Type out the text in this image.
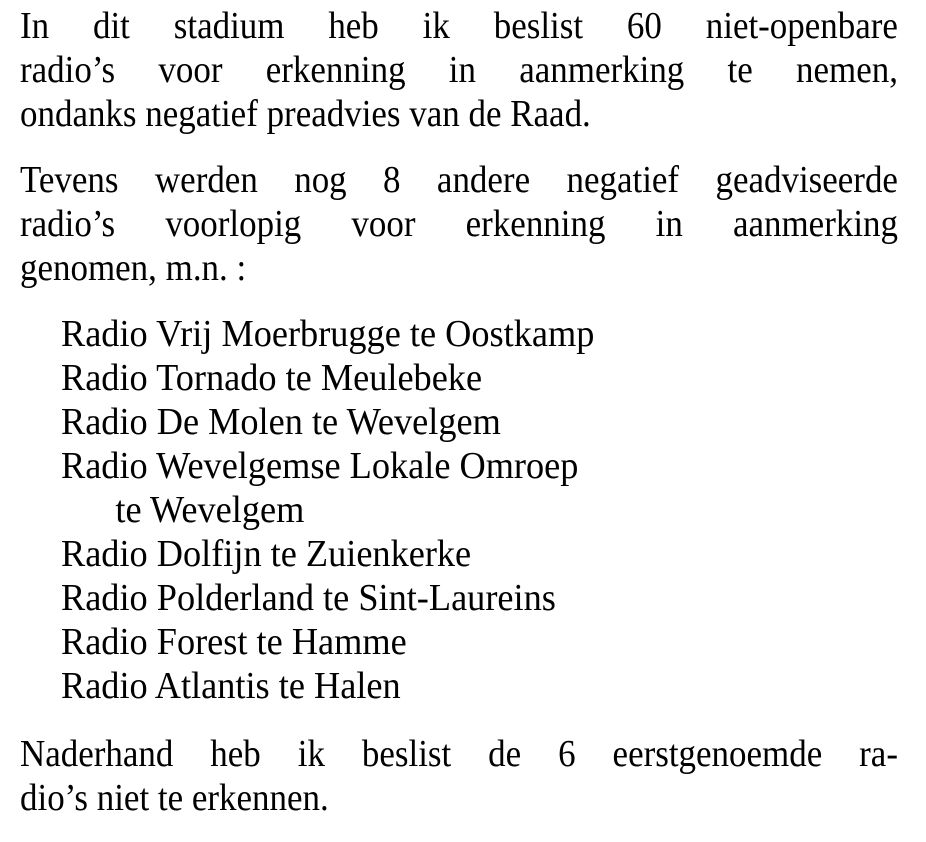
In dit stadium heb ik beslist 60 niet-openbare
radio’s voor erkenning in aanmerking te nemen,
ondanks negatief preadvies van de Raad.
Tevens werden nog 8 andere negatief geadviseerde
radio’s voorlopig voor erkenning in aanmerking
genomen, m.n. :
Radio Vrij Moerbrugge te Oostkamp
Radio Tornado te Meulebeke
Radio De Molen te Wevelgem
Radio Wevelgemse Lokale Omroep
te Wevelgem
Radio Dolfijn te Zuienkerke
Radio Polderland te Sint-Laureins
Radio Forest te Hamme
Radio Atlantis te Halen
Naderhand heb ik beslist de 6 eerstgenoemde ra-
dio’s niet te erkennen.
